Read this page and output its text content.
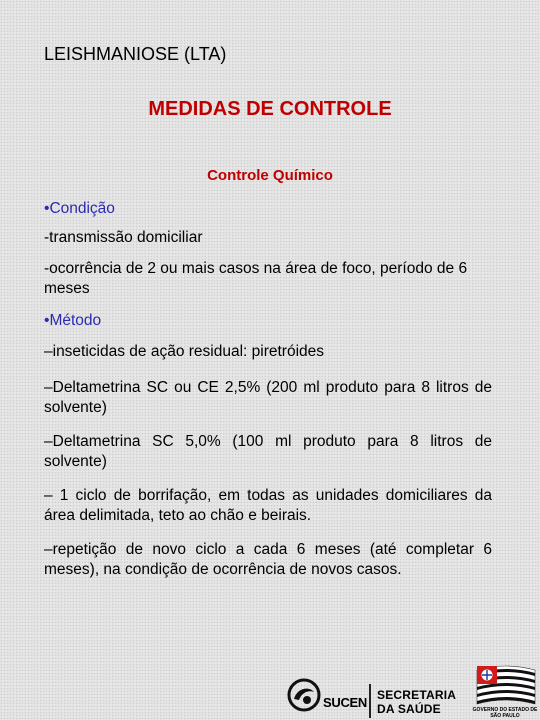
LEISHMANIOSE (LTA)
MEDIDAS DE CONTROLE
Controle Químico

•Condição

-transmissão domiciliar

-ocorrência de 2 ou mais casos na área de foco, período de 6 meses

•Método

–inseticidas de ação residual: piretróides

–Deltametrina SC ou CE 2,5% (200 ml produto para 8 litros de solvente)

–Deltametrina SC 5,0% (100 ml produto para 8 litros de solvente)

– 1 ciclo de borrifação, em todas as unidades domiciliares da área delimitada, teto ao chão e beirais.

–repetição de novo ciclo a cada 6 meses (até completar 6 meses), na condição de ocorrência de novos casos.

SUCEN SECRETARIA
DA SAÚDE	GOVERNO DO ESTADO DE SÃO PAULO
